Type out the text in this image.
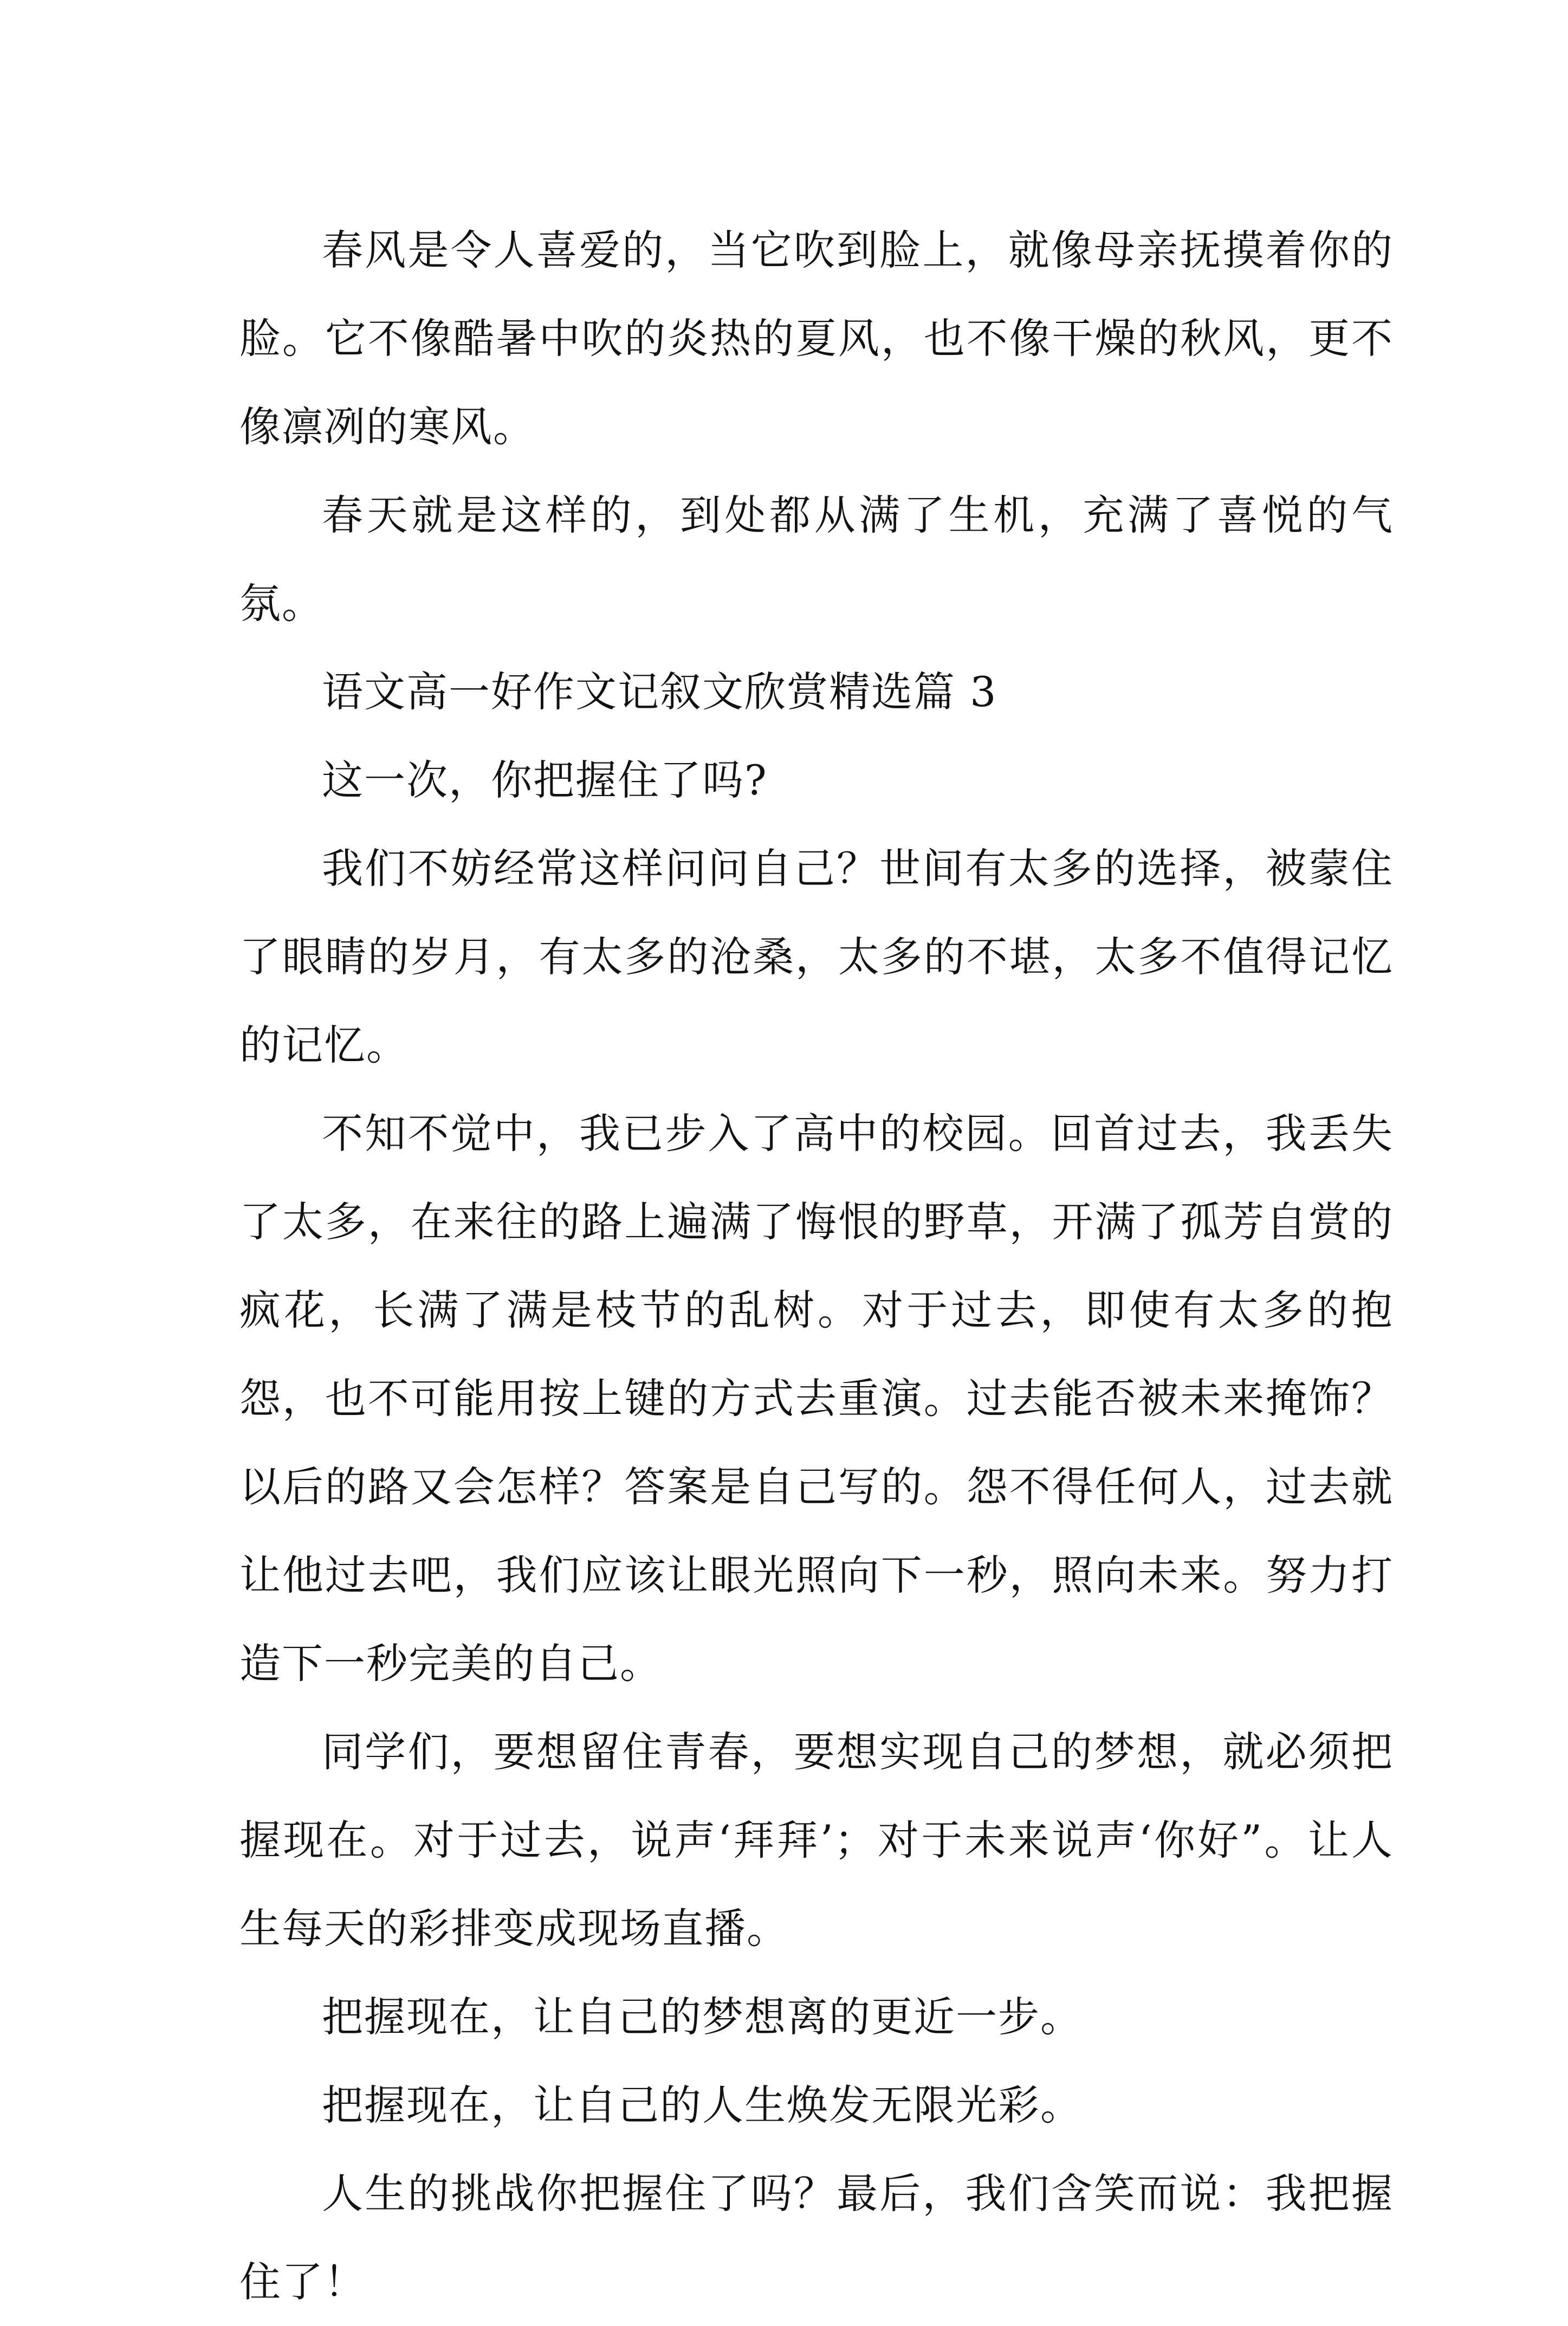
春风是令人喜爱的，当它吹到脸上，就像母亲抚摸着你的脸。它不像酷暑中吹的炎热的夏风，也不像干燥的秋风，更不像凛冽的寒风。

春天就是这样的，到处都从满了生机，充满了喜悦的气氛。

语文高一好作文记叙文欣赏精选篇 3

这一次，你把握住了吗?

我们不妨经常这样问问自己？世间有太多的选择，被蒙住了眼睛的岁月，有太多的沧桑，太多的不堪，太多不值得记忆的记忆。

不知不觉中，我已步入了高中的校园。回首过去，我丢失了太多，在来往的路上遍满了悔恨的野草，开满了孤芳自赏的疯花，长满了满是枝节的乱树。对于过去，即使有太多的抱怨，也不可能用按上键的方式去重演。过去能否被未来掩饰？以后的路又会怎样？答案是自己写的。怨不得任何人，过去就让他过去吧，我们应该让眼光照向下一秒，照向未来。努力打造下一秒完美的自己。

同学们，要想留住青春，要想实现自己的梦想，就必须把握现在。对于过去，说声‘拜拜’；对于未来说声‘你好”。让人生每天的彩排变成现场直播。

把握现在，让自己的梦想离的更近一步。

把握现在，让自己的人生焕发无限光彩。

人生的挑战你把握住了吗？最后，我们含笑而说：我把握住了！
